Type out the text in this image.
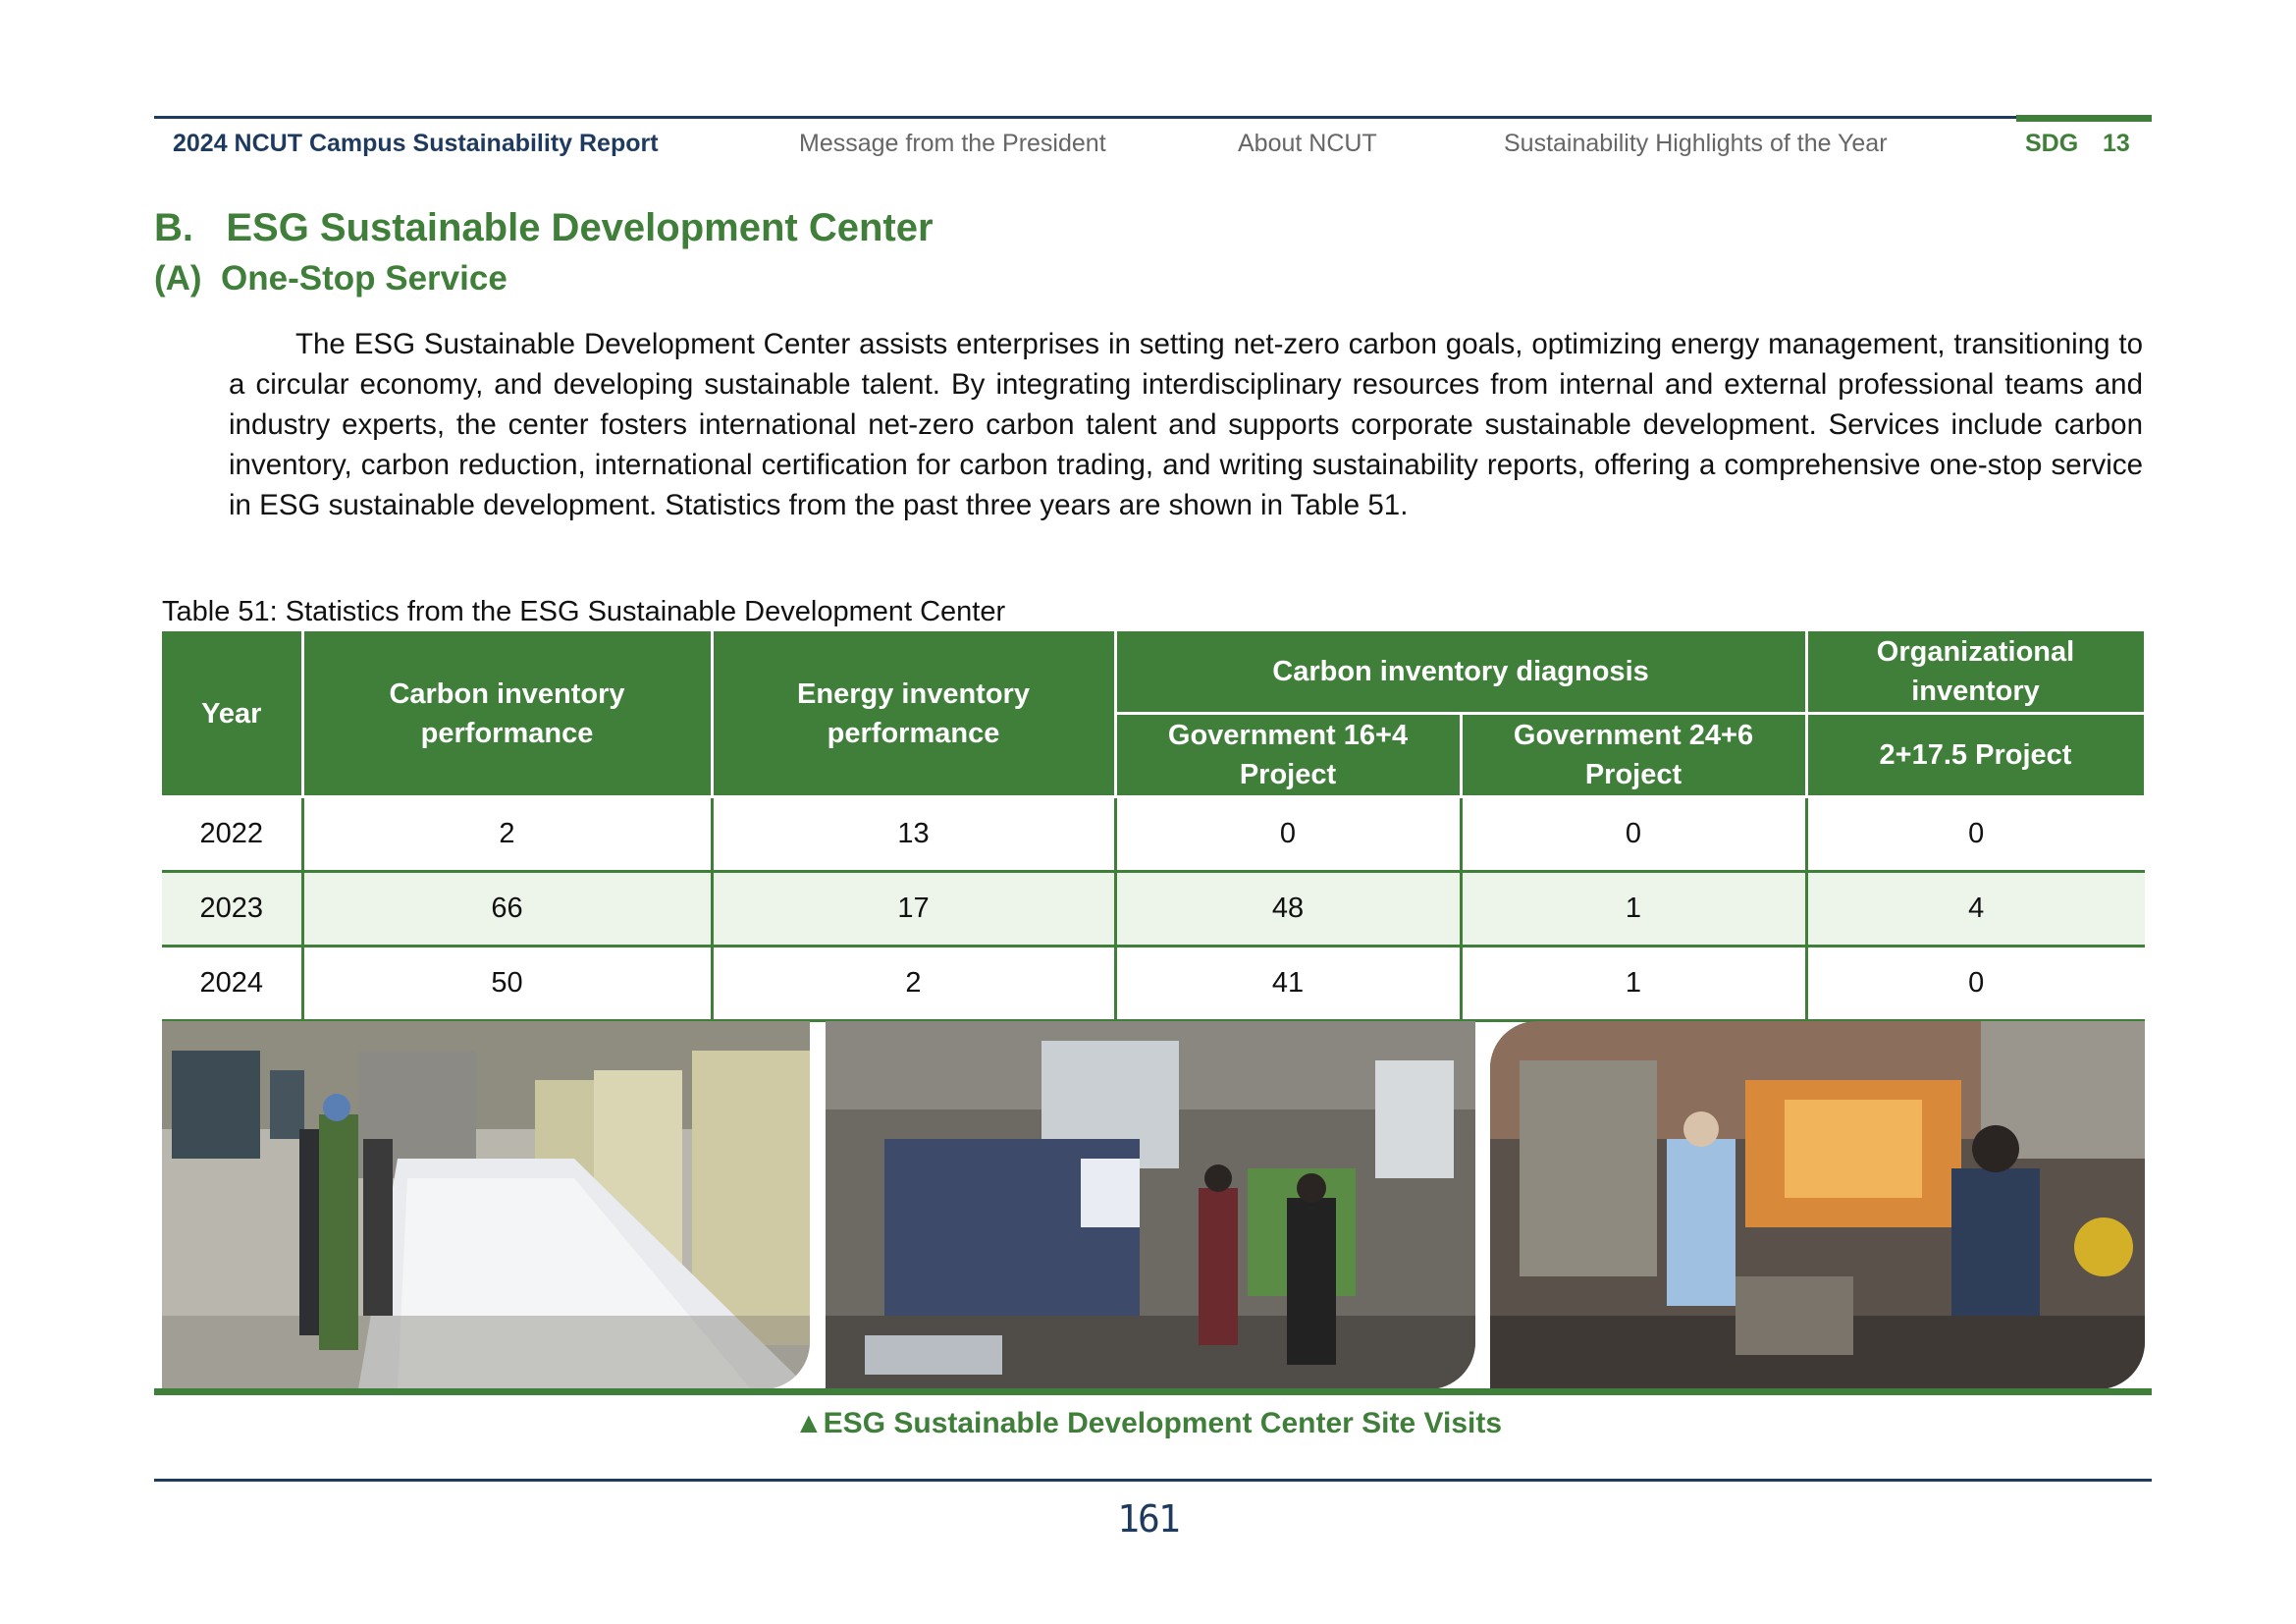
2024 NCUT Campus Sustainability Report	Message from the President	About NCUT	Sustainability Highlights of the Year	SDG 13
B.   ESG Sustainable Development Center
(A)  One-Stop Service

The ESG Sustainable Development Center assists enterprises in setting net-zero carbon goals, optimizing energy management, transitioning to a circular economy, and developing sustainable talent. By integrating interdisciplinary resources from internal and external professional teams and industry experts, the center fosters international net-zero carbon talent and supports corporate sustainable development. Services include carbon inventory, carbon reduction, international certification for carbon trading, and writing sustainability reports, offering a comprehensive one-stop service in ESG sustainable development. Statistics from the past three years are shown in Table 51.

Table 51: Statistics from the ESG Sustainable Development Center
Year	Carbon inventory performance	Energy inventory performance	Carbon inventory diagnosis		Organizational inventory
			Government 16+4 Project	Government 24+6 Project	2+17.5 Project
2022	2	13	0	0	0
2023	66	17	48	1	4
2024	50	2	41	1	0
▲ESG Sustainable Development Center Site Visits
161
